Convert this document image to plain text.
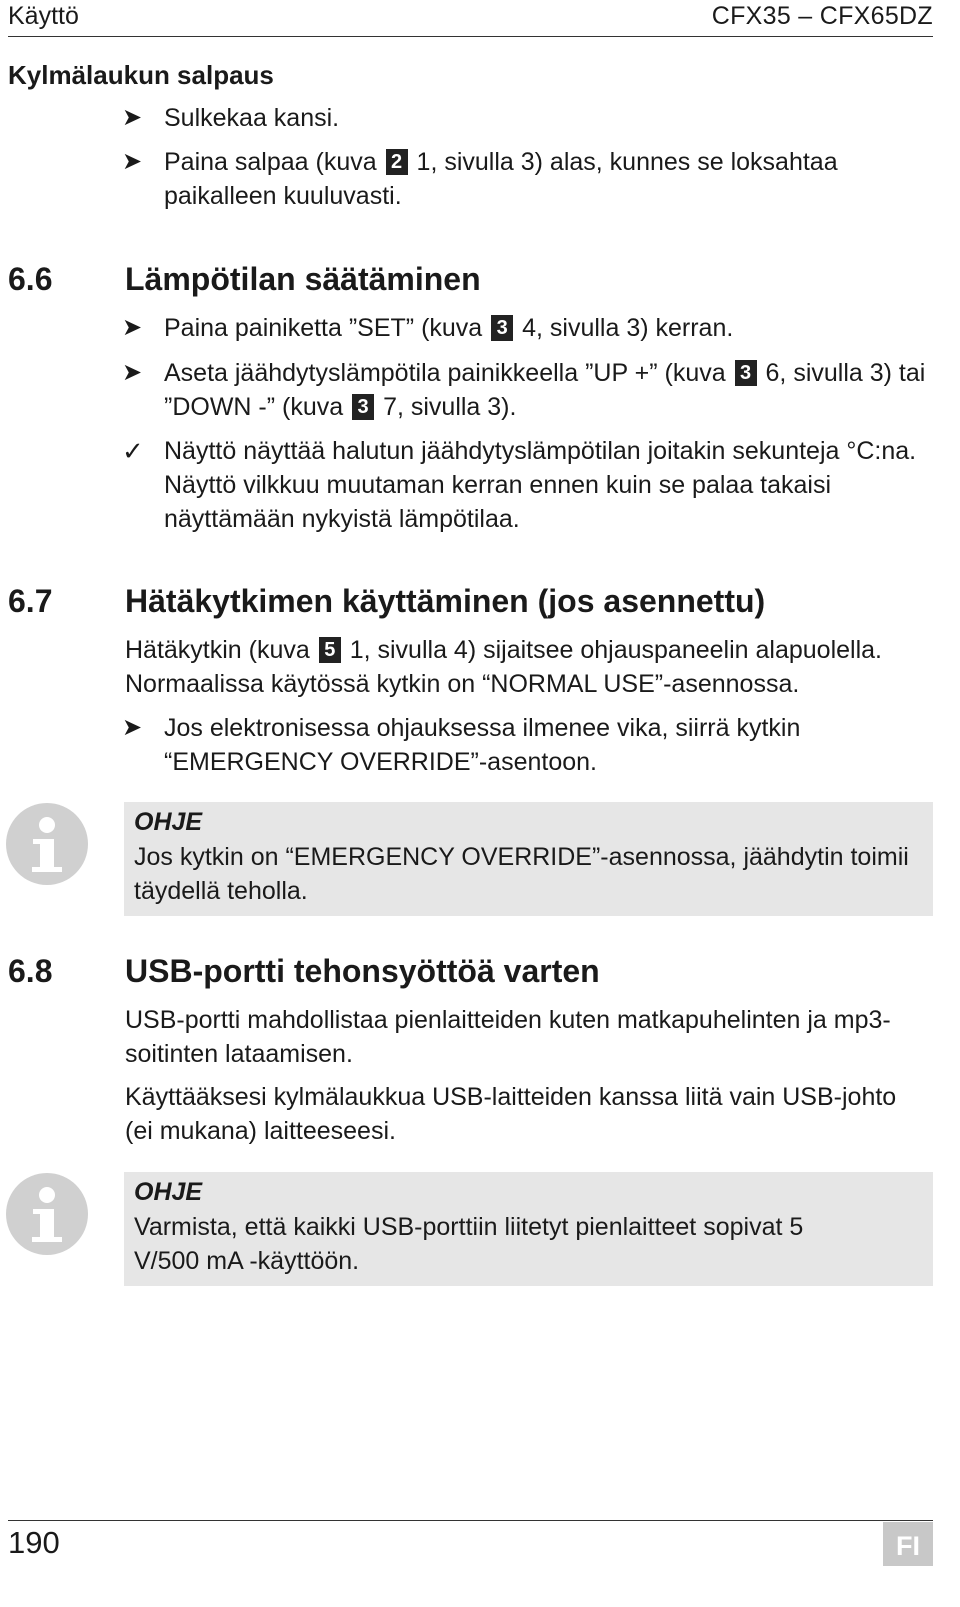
Käyttö	CFX35 – CFX65DZ
Kylmälaukun salpaus
➤ Sulkekaa kansi.
➤ Paina salpaa (kuva 2 1, sivulla 3) alas, kunnes se loksahtaa paikalleen kuuluvasti.
6.6 Lämpötilan säätäminen
➤ Paina painiketta ”SET” (kuva 3 4, sivulla 3) kerran.
➤ Aseta jäähdytyslämpötila painikkeella ”UP +” (kuva 3 6, sivulla 3) tai ”DOWN -” (kuva 3 7, sivulla 3).
✓ Näyttö näyttää halutun jäähdytyslämpötilan joitakin sekunteja °C:na. Näyttö vilkkuu muutaman kerran ennen kuin se palaa takaisi näyttämään nykyistä lämpötilaa.
6.7 Hätäkytkimen käyttäminen (jos asennettu)
Hätäkytkin (kuva 5 1, sivulla 4) sijaitsee ohjauspaneelin alapuolella. Normaalissa käytössä kytkin on “NORMAL USE”-asennossa.
➤ Jos elektronisessa ohjauksessa ilmenee vika, siirrä kytkin “EMERGENCY OVERRIDE”-asentoon.
OHJE
Jos kytkin on “EMERGENCY OVERRIDE”-asennossa, jäähdytin toimii täydellä teholla.
6.8 USB-portti tehonsyöttöä varten
USB-portti mahdollistaa pienlaitteiden kuten matkapuhelinten ja mp3-soitinten lataamisen.
Käyttääksesi kylmälaukkua USB-laitteiden kanssa liitä vain USB-johto (ei mukana) laitteeseesi.
OHJE
Varmista, että kaikki USB-porttiin liitetyt pienlaitteet sopivat 5 V/500 mA -käyttöön.
190	FI
